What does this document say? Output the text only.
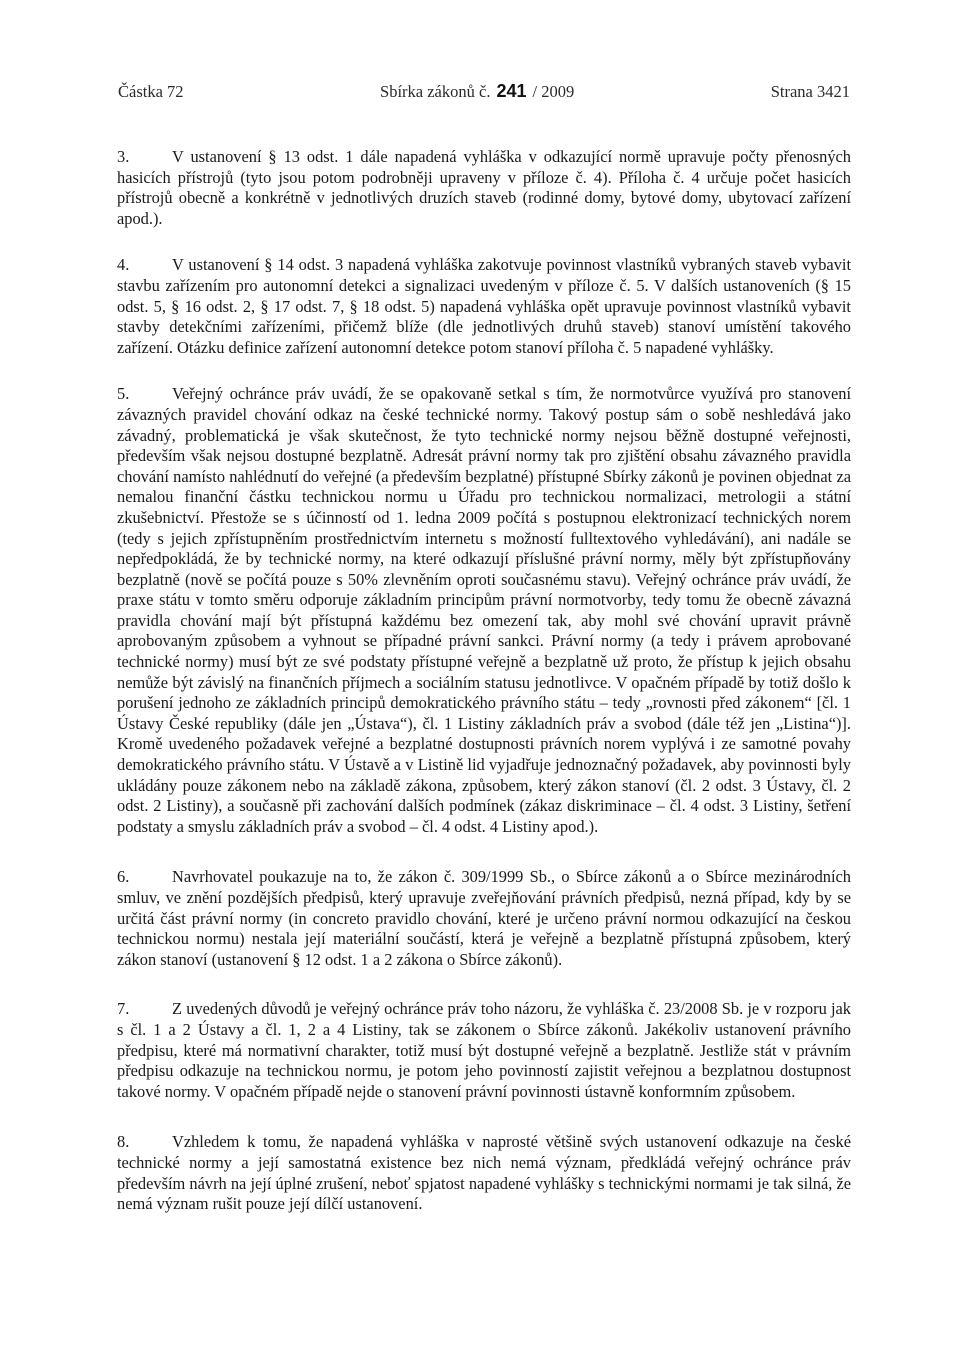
Částka 72	Sbírka zákonů č. 241 / 2009	Strana 3421

3.	V ustanovení § 13 odst. 1 dále napadená vyhláška v odkazující normě upravuje počty přenosných hasicích přístrojů (tyto jsou potom podrobněji upraveny v příloze č. 4). Příloha č. 4 určuje počet hasicích přístrojů obecně a konkrétně v jednotlivých druzích staveb (rodinné domy, bytové domy, ubytovací zařízení apod.).

4.	V ustanovení § 14 odst. 3 napadená vyhláška zakotvuje povinnost vlastníků vybraných staveb vybavit stavbu zařízením pro autonomní detekci a signalizaci uvedeným v příloze č. 5. V dalších ustanoveních (§ 15 odst. 5, § 16 odst. 2, § 17 odst. 7, § 18 odst. 5) napadená vyhláška opět upravuje povinnost vlastníků vybavit stavby detekčními zařízeními, přičemž blíže (dle jednotlivých druhů staveb) stanoví umístění takového zařízení. Otázku definice zařízení autonomní detekce potom stanoví příloha č. 5 napadené vyhlášky.

5.	Veřejný ochránce práv uvádí, že se opakovaně setkal s tím, že normotvůrce využívá pro stanovení závazných pravidel chování odkaz na české technické normy. Takový postup sám o sobě neshledává jako závadný, problematická je však skutečnost, že tyto technické normy nejsou běžně dostupné veřejnosti, především však nejsou dostupné bezplatně. Adresát právní normy tak pro zjištění obsahu závazného pravidla chování namísto nahlédnutí do veřejné (a především bezplatné) přístupné Sbírky zákonů je povinen objednat za nemalou finanční částku technickou normu u Úřadu pro technickou normalizaci, metrologii a státní zkušebnictví. Přestože se s účinností od 1. ledna 2009 počítá s postupnou elektronizací technických norem (tedy s jejich zpřístupněním prostřednictvím internetu s možností fulltextového vyhledávání), ani nadále se nepředpokládá, že by technické normy, na které odkazují příslušné právní normy, měly být zpřístupňovány bezplatně (nově se počítá pouze s 50% zlevněním oproti současnému stavu). Veřejný ochránce práv uvádí, že praxe státu v tomto směru odporuje základním principům právní normotvorby, tedy tomu že obecně závazná pravidla chování mají být přístupná každému bez omezení tak, aby mohl své chování upravit právně aprobovaným způsobem a vyhnout se případné právní sankci. Právní normy (a tedy i právem aprobované technické normy) musí být ze své podstaty přístupné veřejně a bezplatně už proto, že přístup k jejich obsahu nemůže být závislý na finančních příjmech a sociálním statusu jednotlivce. V opačném případě by totiž došlo k porušení jednoho ze základních principů demokratického právního státu – tedy „rovnosti před zákonem“ [čl. 1 Ústavy České republiky (dále jen „Ústava“), čl. 1 Listiny základních práv a svobod (dále též jen „Listina“)]. Kromě uvedeného požadavek veřejné a bezplatné dostupnosti právních norem vyplývá i ze samotné povahy demokratického právního státu. V Ústavě a v Listině lid vyjadřuje jednoznačný požadavek, aby povinnosti byly ukládány pouze zákonem nebo na základě zákona, způsobem, který zákon stanoví (čl. 2 odst. 3 Ústavy, čl. 2 odst. 2 Listiny), a současně při zachování dalších podmínek (zákaz diskriminace – čl. 4 odst. 3 Listiny, šetření podstaty a smyslu základních práv a svobod – čl. 4 odst. 4 Listiny apod.).

6.	Navrhovatel poukazuje na to, že zákon č. 309/1999 Sb., o Sbírce zákonů a o Sbírce mezinárodních smluv, ve znění pozdějších předpisů, který upravuje zveřejňování právních předpisů, nezná případ, kdy by se určitá část právní normy (in concreto pravidlo chování, které je určeno právní normou odkazující na českou technickou normu) nestala její materiální součástí, která je veřejně a bezplatně přístupná způsobem, který zákon stanoví (ustanovení § 12 odst. 1 a 2 zákona o Sbírce zákonů).

7.	Z uvedených důvodů je veřejný ochránce práv toho názoru, že vyhláška č. 23/2008 Sb. je v rozporu jak s čl. 1 a 2 Ústavy a čl. 1, 2 a 4 Listiny, tak se zákonem o Sbírce zákonů. Jakékoliv ustanovení právního předpisu, které má normativní charakter, totiž musí být dostupné veřejně a bezplatně. Jestliže stát v právním předpisu odkazuje na technickou normu, je potom jeho povinností zajistit veřejnou a bezplatnou dostupnost takové normy. V opačném případě nejde o stanovení právní povinnosti ústavně konformním způsobem.

8.	Vzhledem k tomu, že napadená vyhláška v naprosté většině svých ustanovení odkazuje na české technické normy a její samostatná existence bez nich nemá význam, předkládá veřejný ochránce práv především návrh na její úplné zrušení, neboť spjatost napadené vyhlášky s technickými normami je tak silná, že nemá význam rušit pouze její dílčí ustanovení.
